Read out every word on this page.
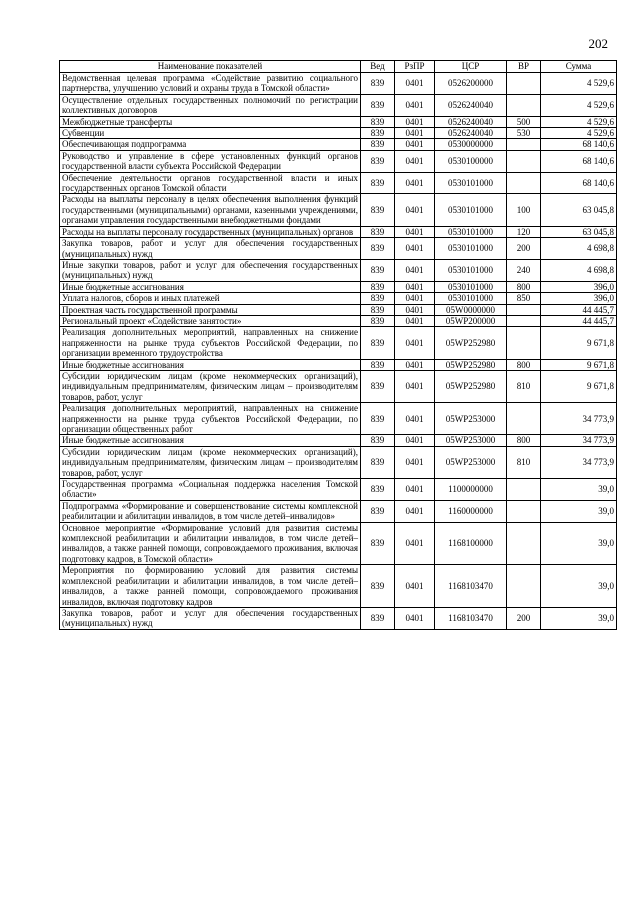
202
Наименование показателей	Вед	РзПР	ЦСР	ВР	Сумма
Ведомственная целевая программа «Содействие развитию социального партнерства, улучшению условий и охраны труда в Томской области»	839	0401	0526200000		4 529,6
Осуществление отдельных государственных полномочий по регистрации коллективных договоров	839	0401	0526240040		4 529,6
Межбюджетные трансферты	839	0401	0526240040	500	4 529,6
Субвенции	839	0401	0526240040	530	4 529,6
Обеспечивающая подпрограмма	839	0401	0530000000		68 140,6
Руководство и управление в сфере установленных функций органов государственной власти субъекта Российской Федерации	839	0401	0530100000		68 140,6
Обеспечение деятельности органов государственной власти и иных государственных органов Томской области	839	0401	0530101000		68 140,6
Расходы на выплаты персоналу в целях обеспечения выполнения функций государственными (муниципальными) органами, казенными учреждениями, органами управления государственными внебюджетными фондами	839	0401	0530101000	100	63 045,8
Расходы на выплаты персоналу государственных (муниципальных) органов	839	0401	0530101000	120	63 045,8
Закупка товаров, работ и услуг для обеспечения государственных (муниципальных) нужд	839	0401	0530101000	200	4 698,8
Иные закупки товаров, работ и услуг для обеспечения государственных (муниципальных) нужд	839	0401	0530101000	240	4 698,8
Иные бюджетные ассигнования	839	0401	0530101000	800	396,0
Уплата налогов, сборов и иных платежей	839	0401	0530101000	850	396,0
Проектная часть государственной программы	839	0401	05W0000000		44 445,7
Региональный проект «Содействие занятости»	839	0401	05WP200000		44 445,7
Реализация дополнительных мероприятий, направленных на снижение напряженности на рынке труда субъектов Российской Федерации, по организации временного трудоустройства	839	0401	05WP252980		9 671,8
Иные бюджетные ассигнования	839	0401	05WP252980	800	9 671,8
Субсидии юридическим лицам (кроме некоммерческих организаций), индивидуальным предпринимателям, физическим лицам – производителям товаров, работ, услуг	839	0401	05WP252980	810	9 671,8
Реализация дополнительных мероприятий, направленных на снижение напряженности на рынке труда субъектов Российской Федерации, по организации общественных работ	839	0401	05WP253000		34 773,9
Иные бюджетные ассигнования	839	0401	05WP253000	800	34 773,9
Субсидии юридическим лицам (кроме некоммерческих организаций), индивидуальным предпринимателям, физическим лицам – производителям товаров, работ, услуг	839	0401	05WP253000	810	34 773,9
Государственная программа «Социальная поддержка населения Томской области»	839	0401	1100000000		39,0
Подпрограмма «Формирование и совершенствование системы комплексной реабилитации и абилитации инвалидов, в том числе детей–инвалидов»	839	0401	1160000000		39,0
Основное мероприятие «Формирование условий для развития системы комплексной реабилитации и абилитации инвалидов, в том числе детей–инвалидов, а также ранней помощи, сопровождаемого проживания, включая подготовку кадров, в Томской области»	839	0401	1168100000		39,0
Мероприятия по формированию условий для развития системы комплексной реабилитации и абилитации инвалидов, в том числе детей–инвалидов, а также ранней помощи, сопровождаемого проживания инвалидов, включая подготовку кадров	839	0401	1168103470		39,0
Закупка товаров, работ и услуг для обеспечения государственных (муниципальных) нужд	839	0401	1168103470	200	39,0
